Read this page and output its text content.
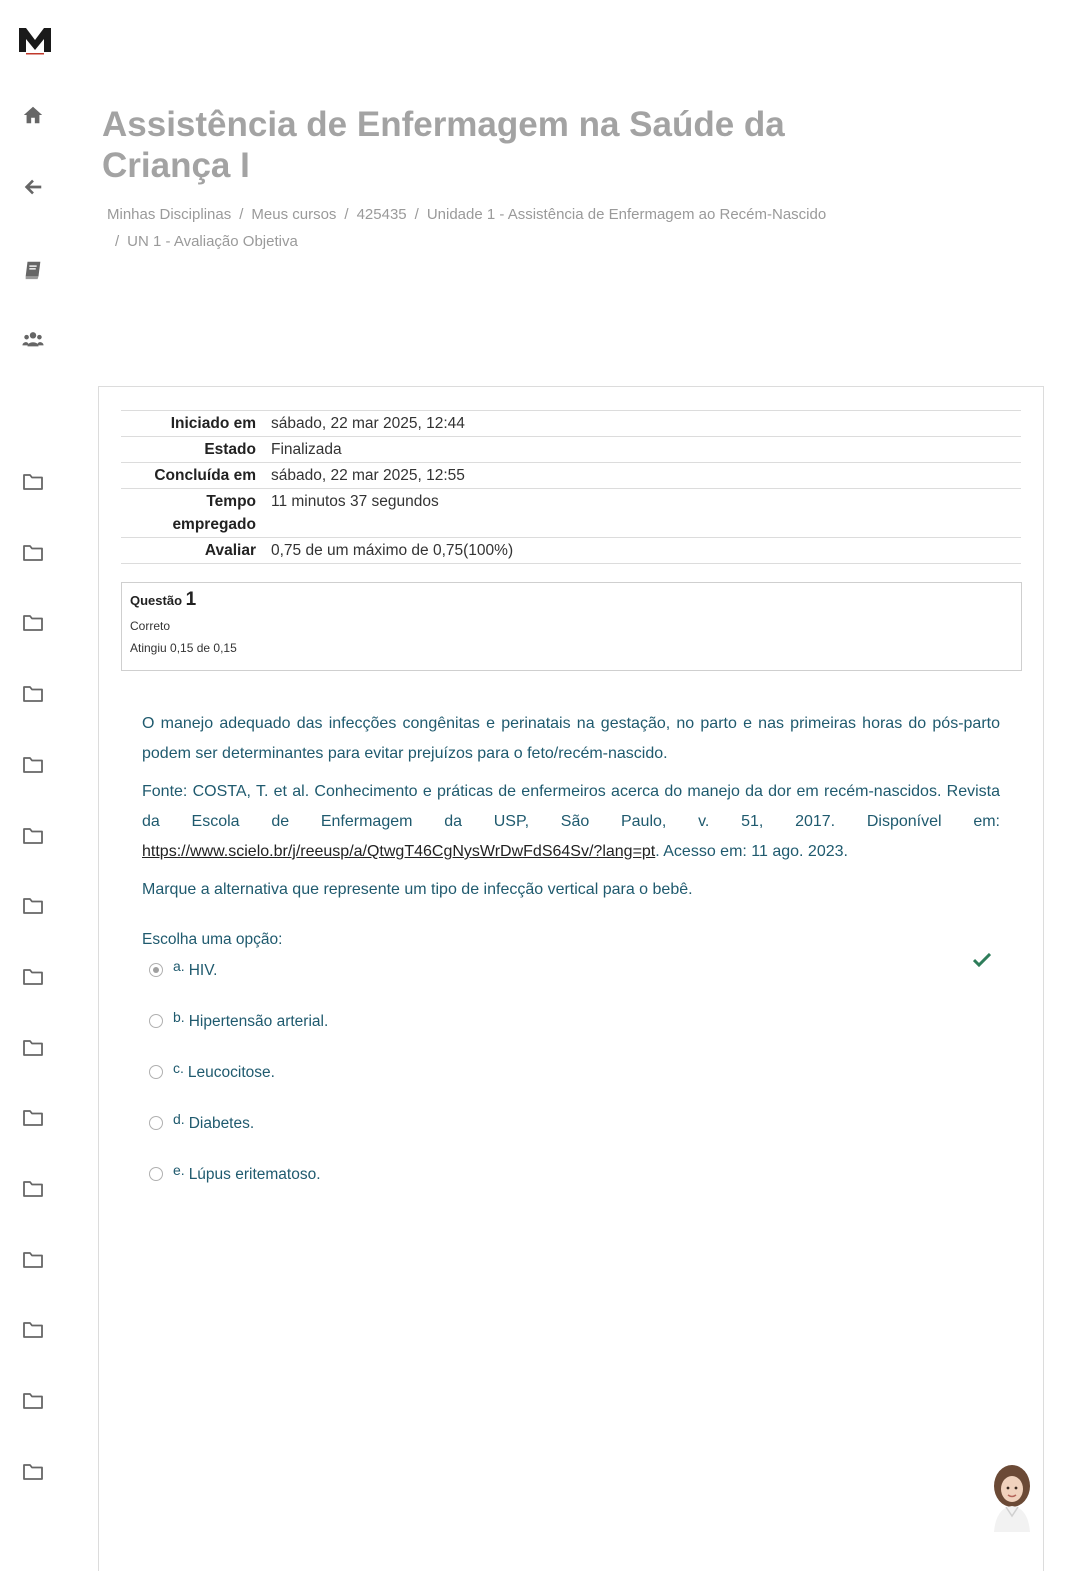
Assistência de Enfermagem na Saúde da Criança I
Minhas Disciplinas / Meus cursos / 425435 / Unidade 1 - Assistência de Enfermagem ao Recém-Nascido
/ UN 1 - Avaliação Objetiva
Iniciado em	sábado, 22 mar 2025, 12:44
Estado	Finalizada
Concluída em	sábado, 22 mar 2025, 12:55
Tempo empregado	11 minutos 37 segundos
Avaliar	0,75 de um máximo de 0,75(100%)
Questão 1
Correto
Atingiu 0,15 de 0,15

O manejo adequado das infecções congênitas e perinatais na gestação, no parto e nas primeiras horas do pós-parto podem ser determinantes para evitar prejuízos para o feto/recém-nascido.

Fonte: COSTA, T. et al. Conhecimento e práticas de enfermeiros acerca do manejo da dor em recém-nascidos. Revista da Escola de Enfermagem da USP, São Paulo, v. 51, 2017. Disponível em: https://www.scielo.br/j/reeusp/a/QtwgT46CgNysWrDwFdS64Sv/?lang=pt. Acesso em: 11 ago. 2023.

Marque a alternativa que represente um tipo de infecção vertical para o bebê.

Escolha uma opção:
a. HIV.
b. Hipertensão arterial.
c. Leucocitose.
d. Diabetes.
e. Lúpus eritematoso.
